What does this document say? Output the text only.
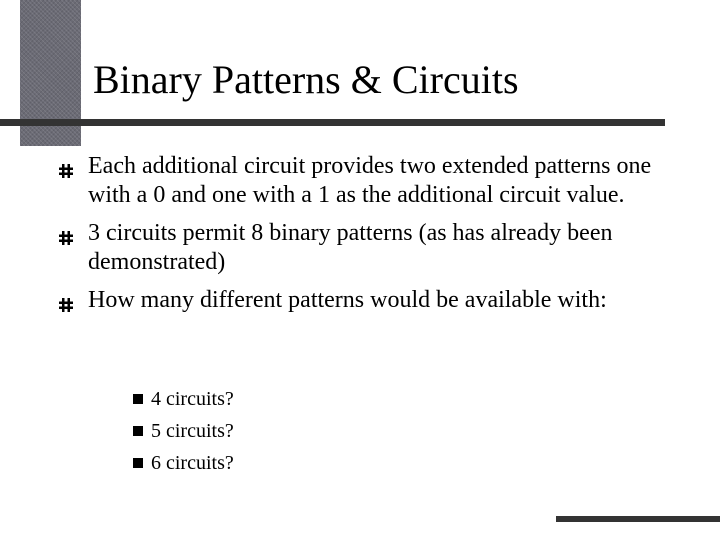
Binary Patterns & Circuits
Each additional circuit provides two extended patterns one with a 0 and one with a 1 as the additional circuit value.
3 circuits permit 8 binary patterns (as has already been demonstrated)
How many different patterns would be available with:
4 circuits?
5 circuits?
6 circuits?
